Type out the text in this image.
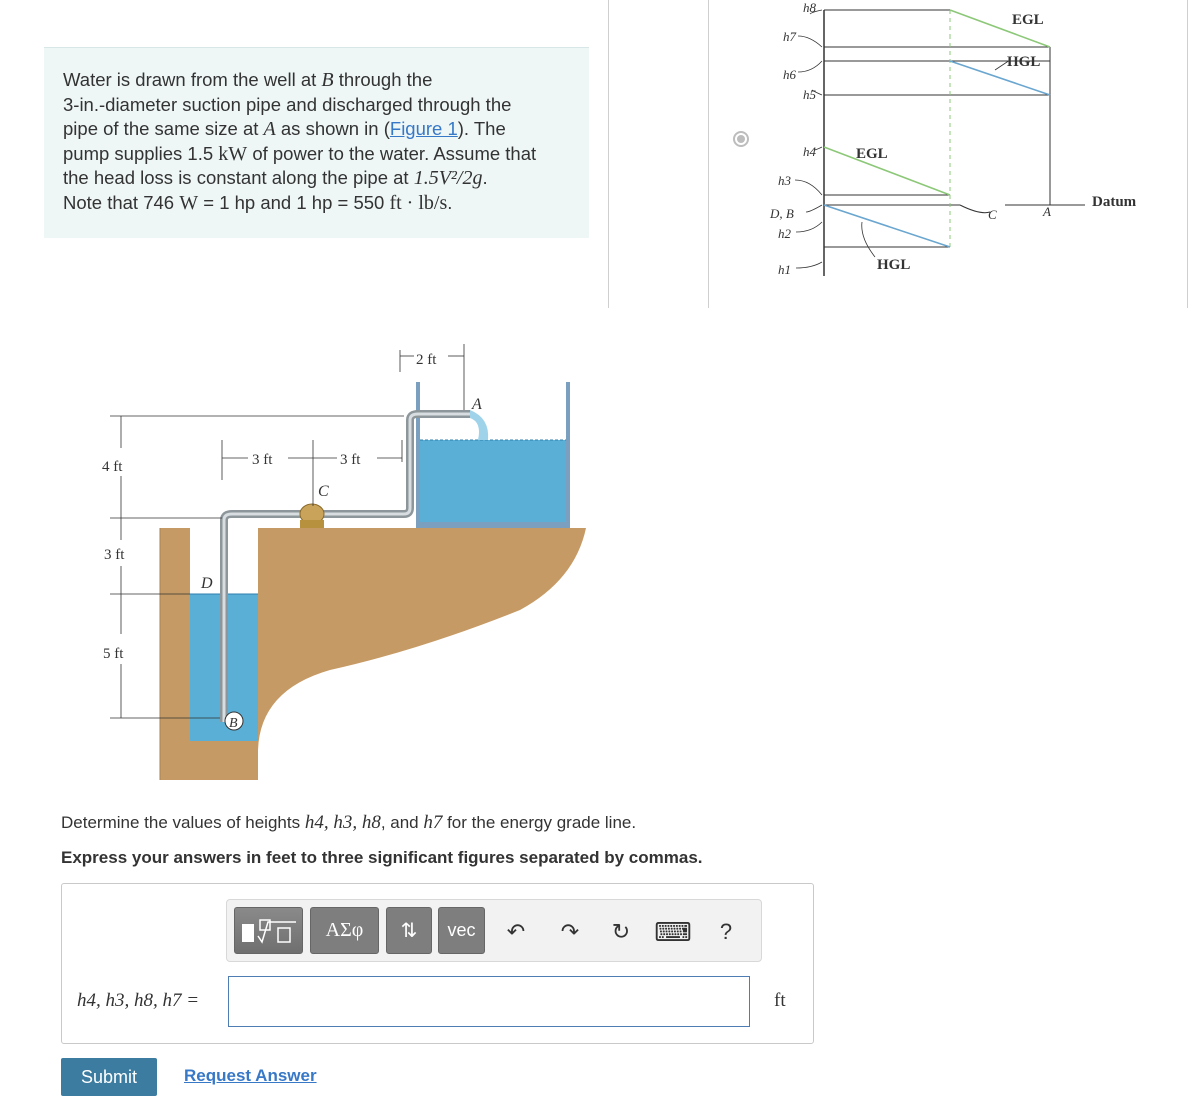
Water is drawn from the well at B through the
3-in.-diameter suction pipe and discharged through the
pipe of the same size at A as shown in (Figure 1). The
pump supplies 1.5 kW of power to the water. Assume that
the head loss is constant along the pipe at 1.5V²/2g.
Note that 746 W = 1 hp and 1 hp = 550 ft · lb/s.
h8
h7
h6
h5
h4
h3
D, B
h2
h1
C	A
EGL
HGL
EGL
HGL
Datum
2 ft
3 ft	3 ft
4 ft
3 ft
5 ft
A
C
D
B
Determine the values of heights h4, h3, h8, and h7 for the energy grade line.
Express your answers in feet to three significant figures separated by commas.
ΑΣφ	⇅	vec	↶ ↷ ↻ ⌨	?
h4, h3, h8, h7 =	ft
Submit	Request Answer
